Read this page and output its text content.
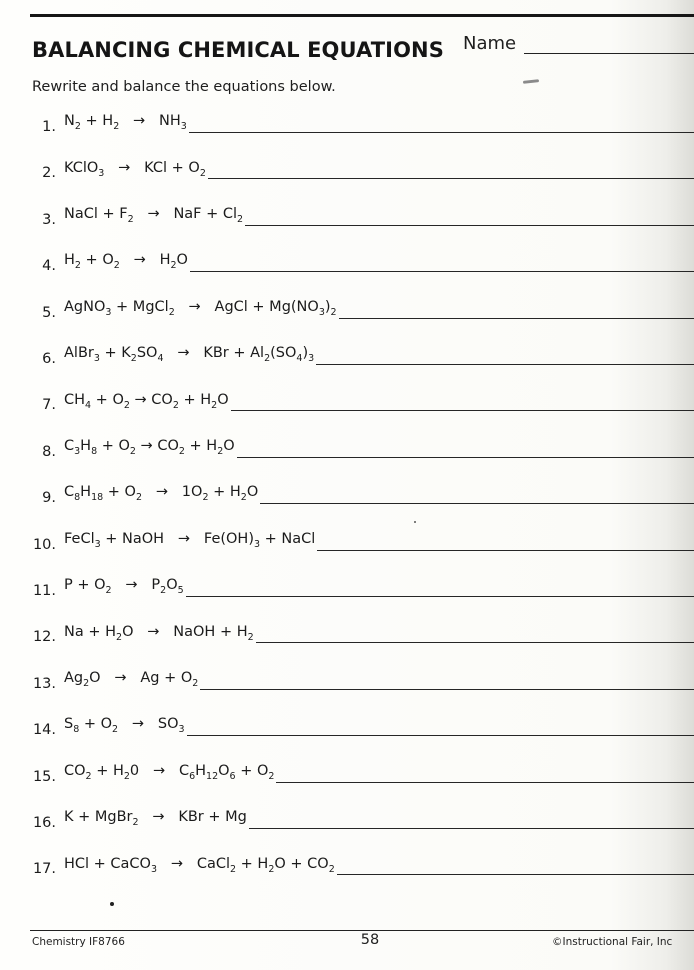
BALANCING CHEMICAL EQUATIONS Name
Rewrite and balance the equations below.
1. $N_2 + H_2 \to NH_3$
2. KClO$_3$   →   KCl + $O_2$
3. NaCl + $F_2$   →   NaF + $Cl_2$
4. $H_2 + O_2 \to H_2O$
5. AgNO$_3$ + MgCl$_2$   →   AgCl + $Mg(NO_3)_2$
6. AlBr$_3$ + $K_2SO_4$   →   KBr + $Al_2(SO_4)_3$
7. $CH_4 + O_2 \to CO_2 + H_2O$
8. $C_3H_8 + O_2 \to CO_2 + H_2O$
9. $C_8H_{18} + O_2 \to 1O_2 + H_2O$
10. FeCl$_3$ + NaOH   →   $Fe(OH)_3$ + NaCl
11. $P + O_2 \to P_2O_5$
12. $Na + H_2O$   →   NaOH + $H_2$
13. $Ag_2O \to Ag + O_2$
14. $S_8 + O_2 \to SO_3$
15. $CO_2 + H_20 \to C_6H_{12}O_6 + O_2$
16. K + MgBr$_2$   →   KBr + Mg
17. HCl + CaCO$_3$   →   CaCl$_2$ + $H_2O + CO_2$
Chemistry IF8766	58	©Instructional Fair, Inc
